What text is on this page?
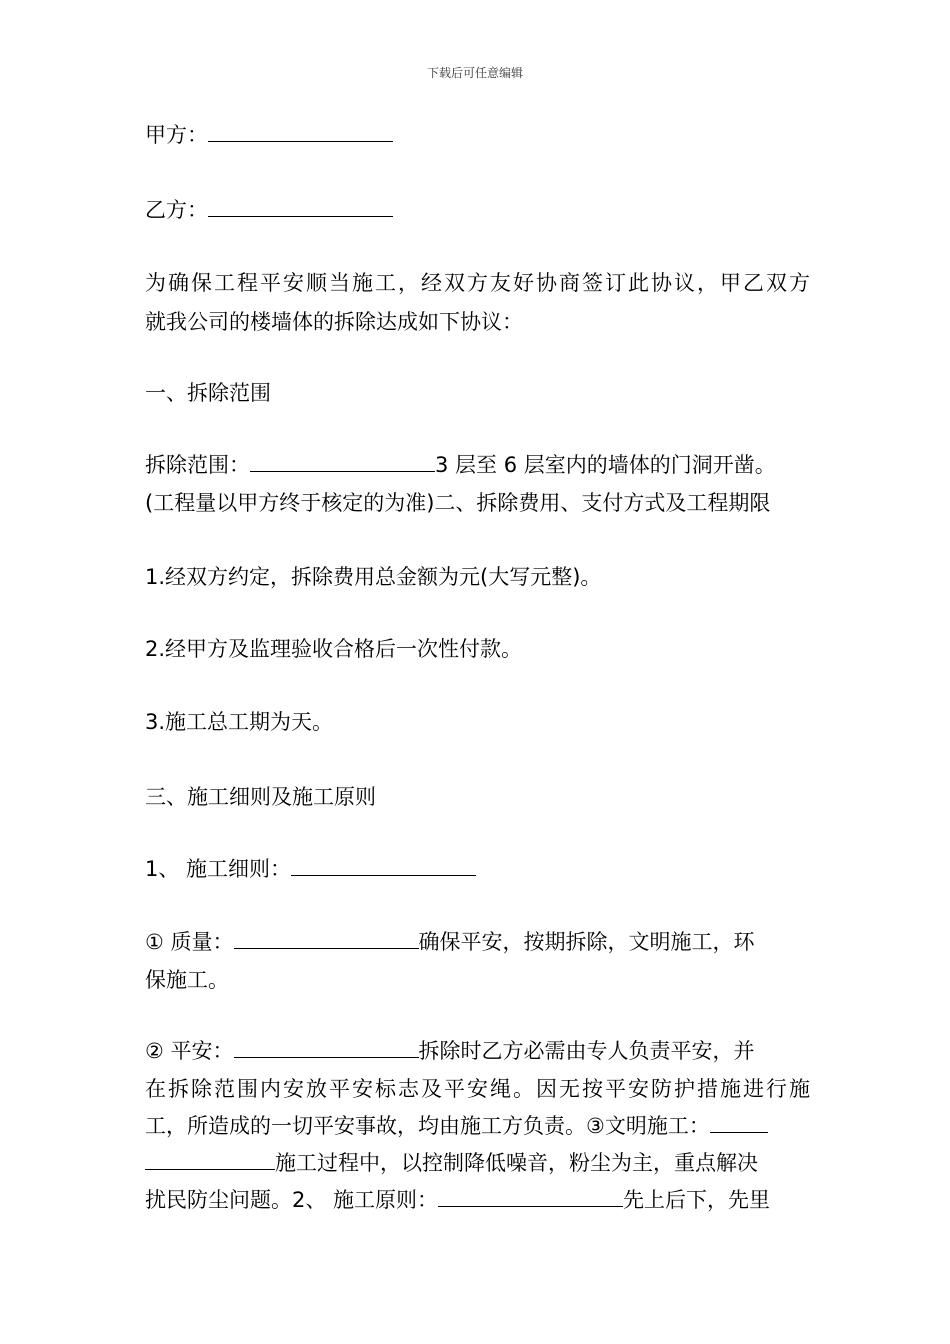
下载后可任意编辑
甲方：
乙方：
为确保工程平安顺当施工，经双方友好协商签订此协议，甲乙双方
就我公司的楼墙体的拆除达成如下协议：
一、拆除范围
拆除范围：	3 层至 6 层室内的墙体的门洞开凿。
(工程量以甲方终于核定的为准)二、拆除费用、支付方式及工程期限
1.经双方约定，拆除费用总金额为元(大写元整)。
2.经甲方及监理验收合格后一次性付款。
3.施工总工期为天。
三、施工细则及施工原则
1、 施工细则：
① 质量：	确保平安，按期拆除，文明施工，环
保施工。
② 平安：	拆除时乙方必需由专人负责平安，并
在拆除范围内安放平安标志及平安绳。因无按平安防护措施进行施
工，所造成的一切平安事故，均由施工方负责。③文明施工：
施工过程中，以控制降低噪音，粉尘为主，重点解决
扰民防尘问题。2、 施工原则：	先上后下，先里
